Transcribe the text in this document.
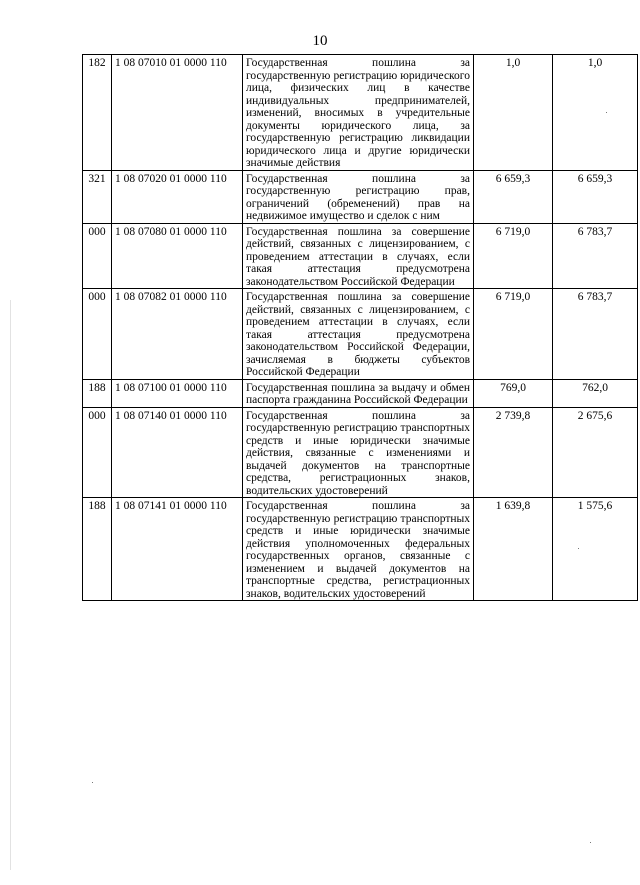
10
182	1 08 07010 01 0000 110	Государственная пошлина за государственную регистрацию юридического лица, физических лиц в качестве индивидуальных предпринимателей, изменений, вносимых в учредительные документы юридического лица, за государственную регистрацию ликвидации юридического лица и другие юридически значимые действия	1,0	1,0
321	1 08 07020 01 0000 110	Государственная пошлина за государственную регистрацию прав, ограничений (обременений) прав на недвижимое имущество и сделок с ним	6 659,3	6 659,3
000	1 08 07080 01 0000 110	Государственная пошлина за совершение действий, связанных с лицензированием, с проведением аттестации в случаях, если такая аттестация предусмотрена законодательством Российской Федерации	6 719,0	6 783,7
000	1 08 07082 01 0000 110	Государственная пошлина за совершение действий, связанных с лицензированием, с проведением аттестации в случаях, если такая аттестация предусмотрена законодательством Российской Федерации, зачисляемая в бюджеты субъектов Российской Федерации	6 719,0	6 783,7
188	1 08 07100 01 0000 110	Государственная пошлина за выдачу и обмен паспорта гражданина Российской Федерации	769,0	762,0
000	1 08 07140 01 0000 110	Государственная пошлина за государственную регистрацию транспортных средств и иные юридически значимые действия, связанные с изменениями и выдачей документов на транспортные средства, регистрационных знаков, водительских удостоверений	2 739,8	2 675,6
188	1 08 07141 01 0000 110	Государственная пошлина за государственную регистрацию транспортных средств и иные юридически значимые действия уполномоченных федеральных государственных органов, связанные с изменением и выдачей документов на транспортные средства, регистрационных знаков, водительских удостоверений	1 639,8	1 575,6
